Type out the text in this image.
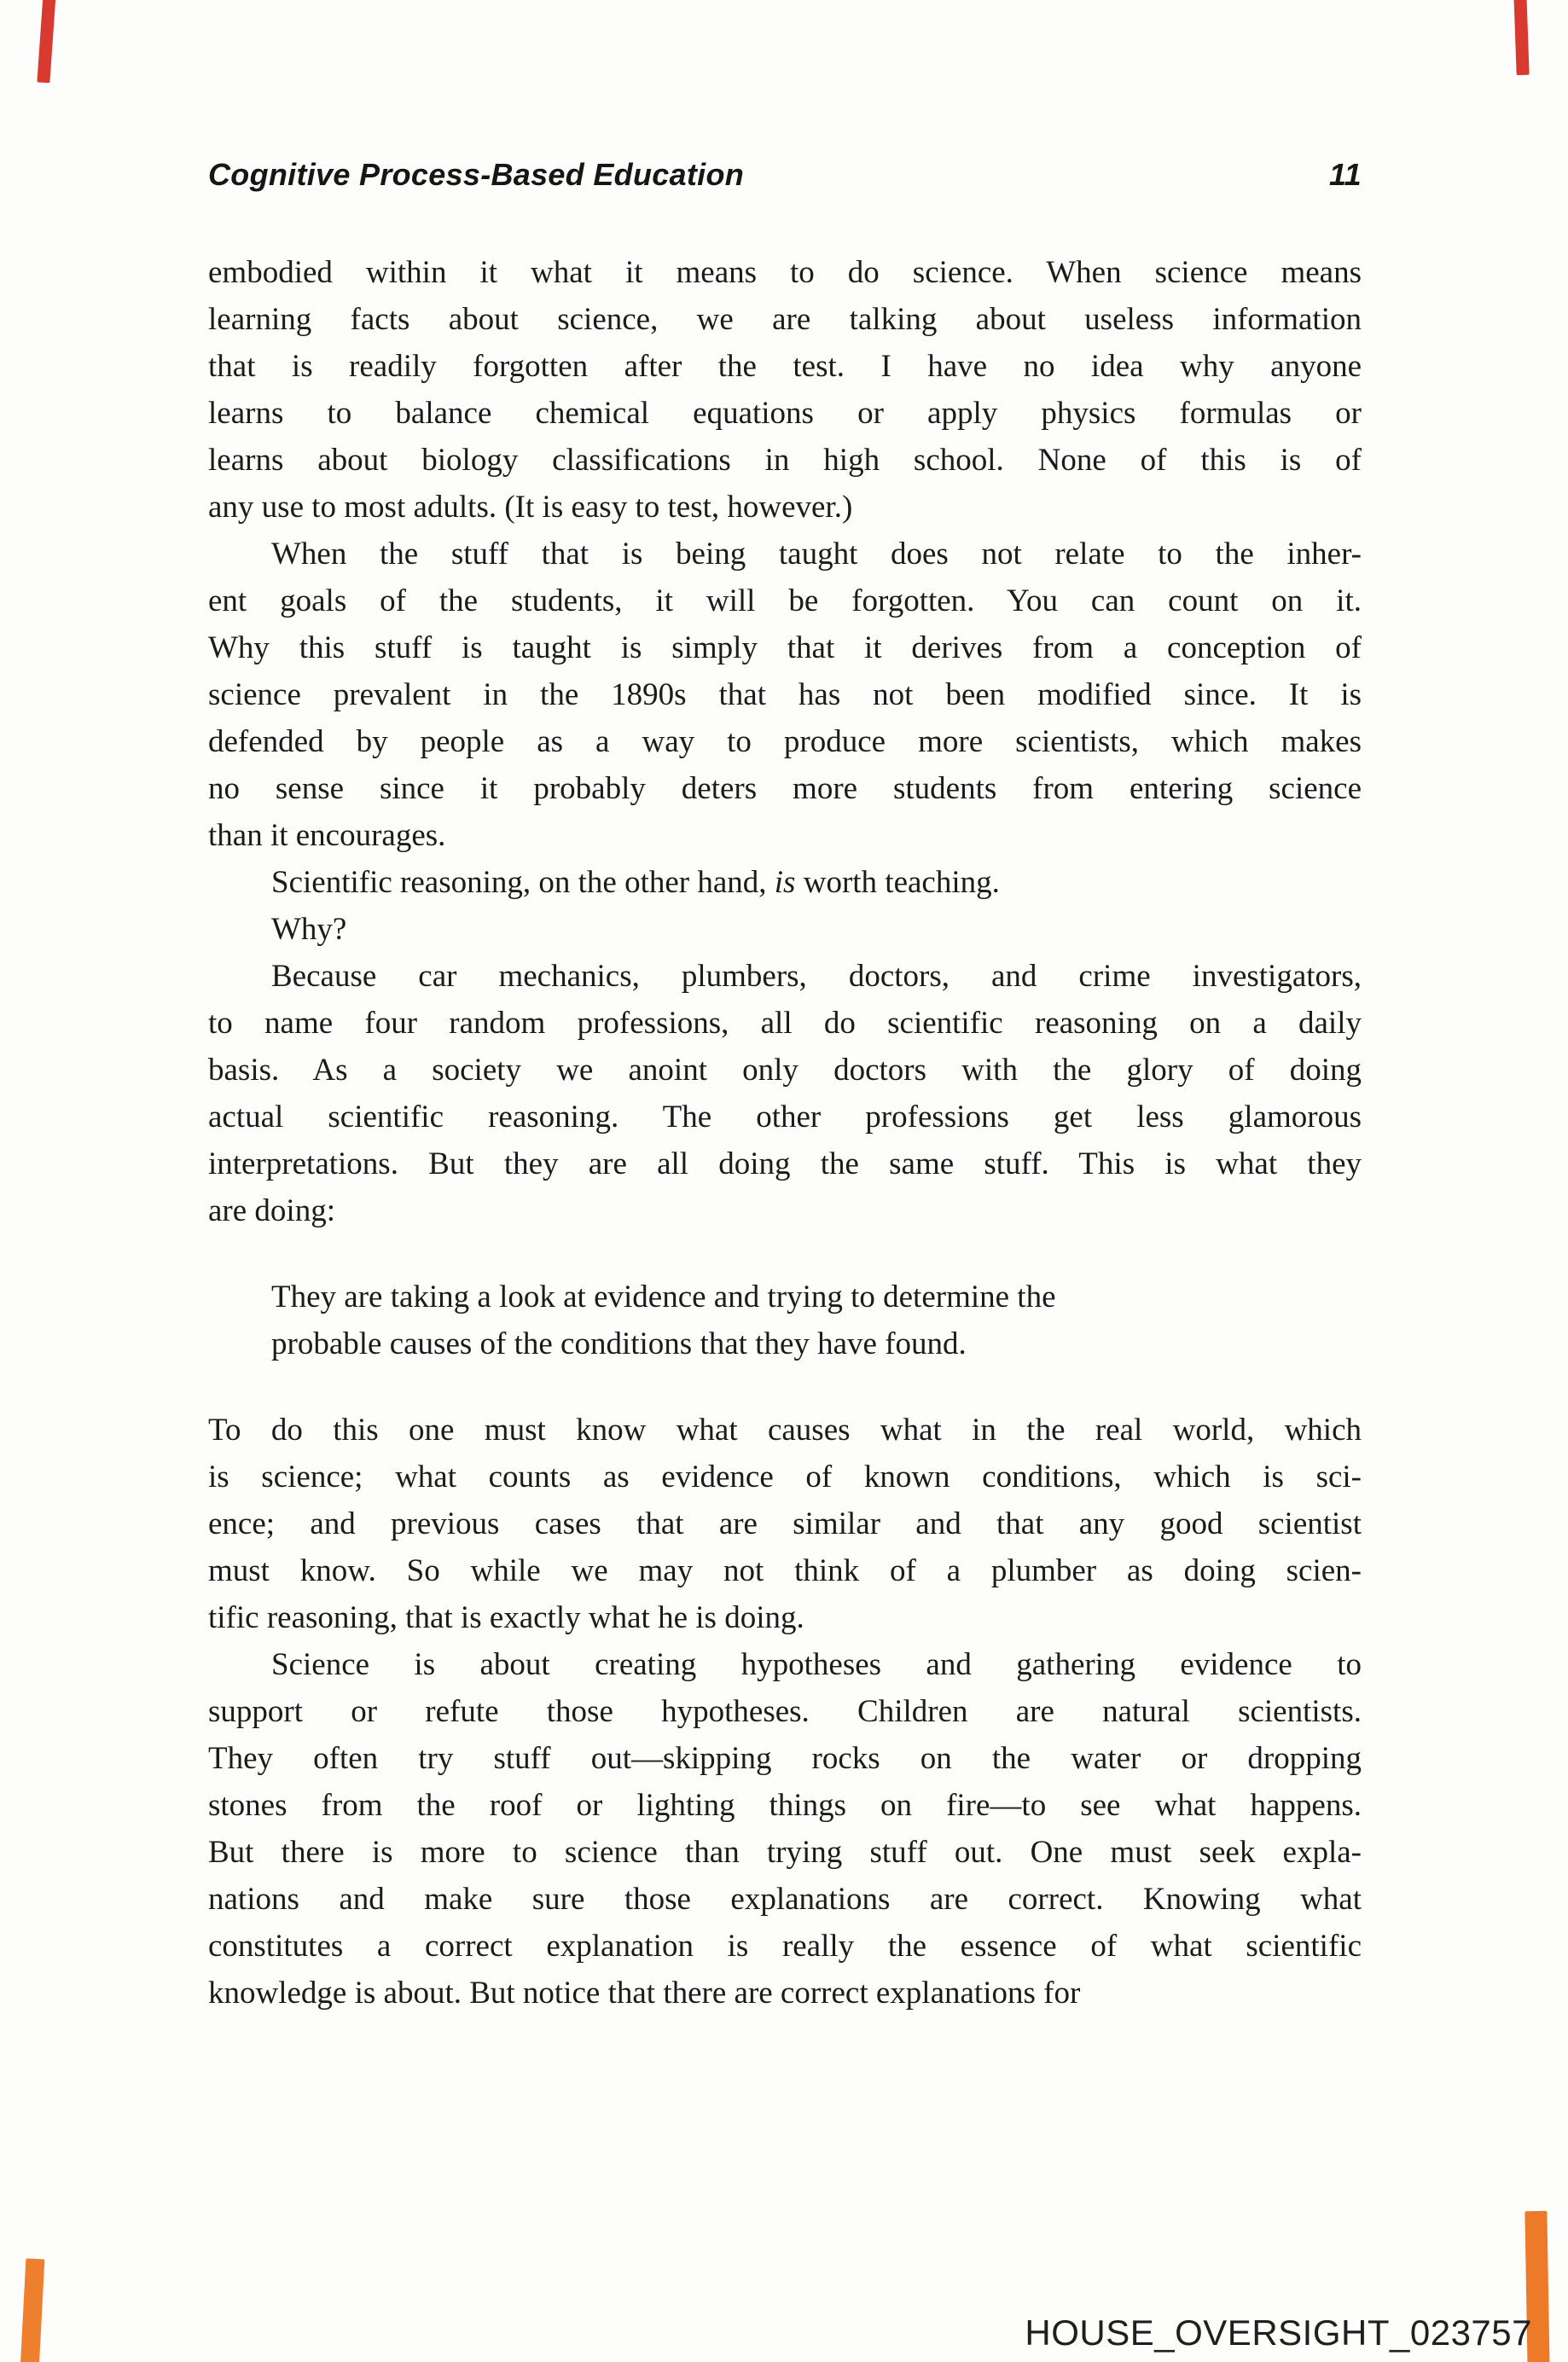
Cognitive Process-Based Education	11
embodied within it what it means to do science. When science means
learning facts about science, we are talking about useless information
that is readily forgotten after the test. I have no idea why anyone
learns to balance chemical equations or apply physics formulas or
learns about biology classifications in high school. None of this is of
any use to most adults. (It is easy to test, however.)
When the stuff that is being taught does not relate to the inher-
ent goals of the students, it will be forgotten. You can count on it.
Why this stuff is taught is simply that it derives from a conception of
science prevalent in the 1890s that has not been modified since. It is
defended by people as a way to produce more scientists, which makes
no sense since it probably deters more students from entering science
than it encourages.
Scientific reasoning, on the other hand, is worth teaching.
Why?
Because car mechanics, plumbers, doctors, and crime investigators,
to name four random professions, all do scientific reasoning on a daily
basis. As a society we anoint only doctors with the glory of doing
actual scientific reasoning. The other professions get less glamorous
interpretations. But they are all doing the same stuff. This is what they
are doing:
They are taking a look at evidence and trying to determine the
probable causes of the conditions that they have found.
To do this one must know what causes what in the real world, which
is science; what counts as evidence of known conditions, which is sci-
ence; and previous cases that are similar and that any good scientist
must know. So while we may not think of a plumber as doing scien-
tific reasoning, that is exactly what he is doing.
Science is about creating hypotheses and gathering evidence to
support or refute those hypotheses. Children are natural scientists.
They often try stuff out—skipping rocks on the water or dropping
stones from the roof or lighting things on fire—to see what happens.
But there is more to science than trying stuff out. One must seek expla-
nations and make sure those explanations are correct. Knowing what
constitutes a correct explanation is really the essence of what scientific
knowledge is about. But notice that there are correct explanations for
HOUSE_OVERSIGHT_023757
